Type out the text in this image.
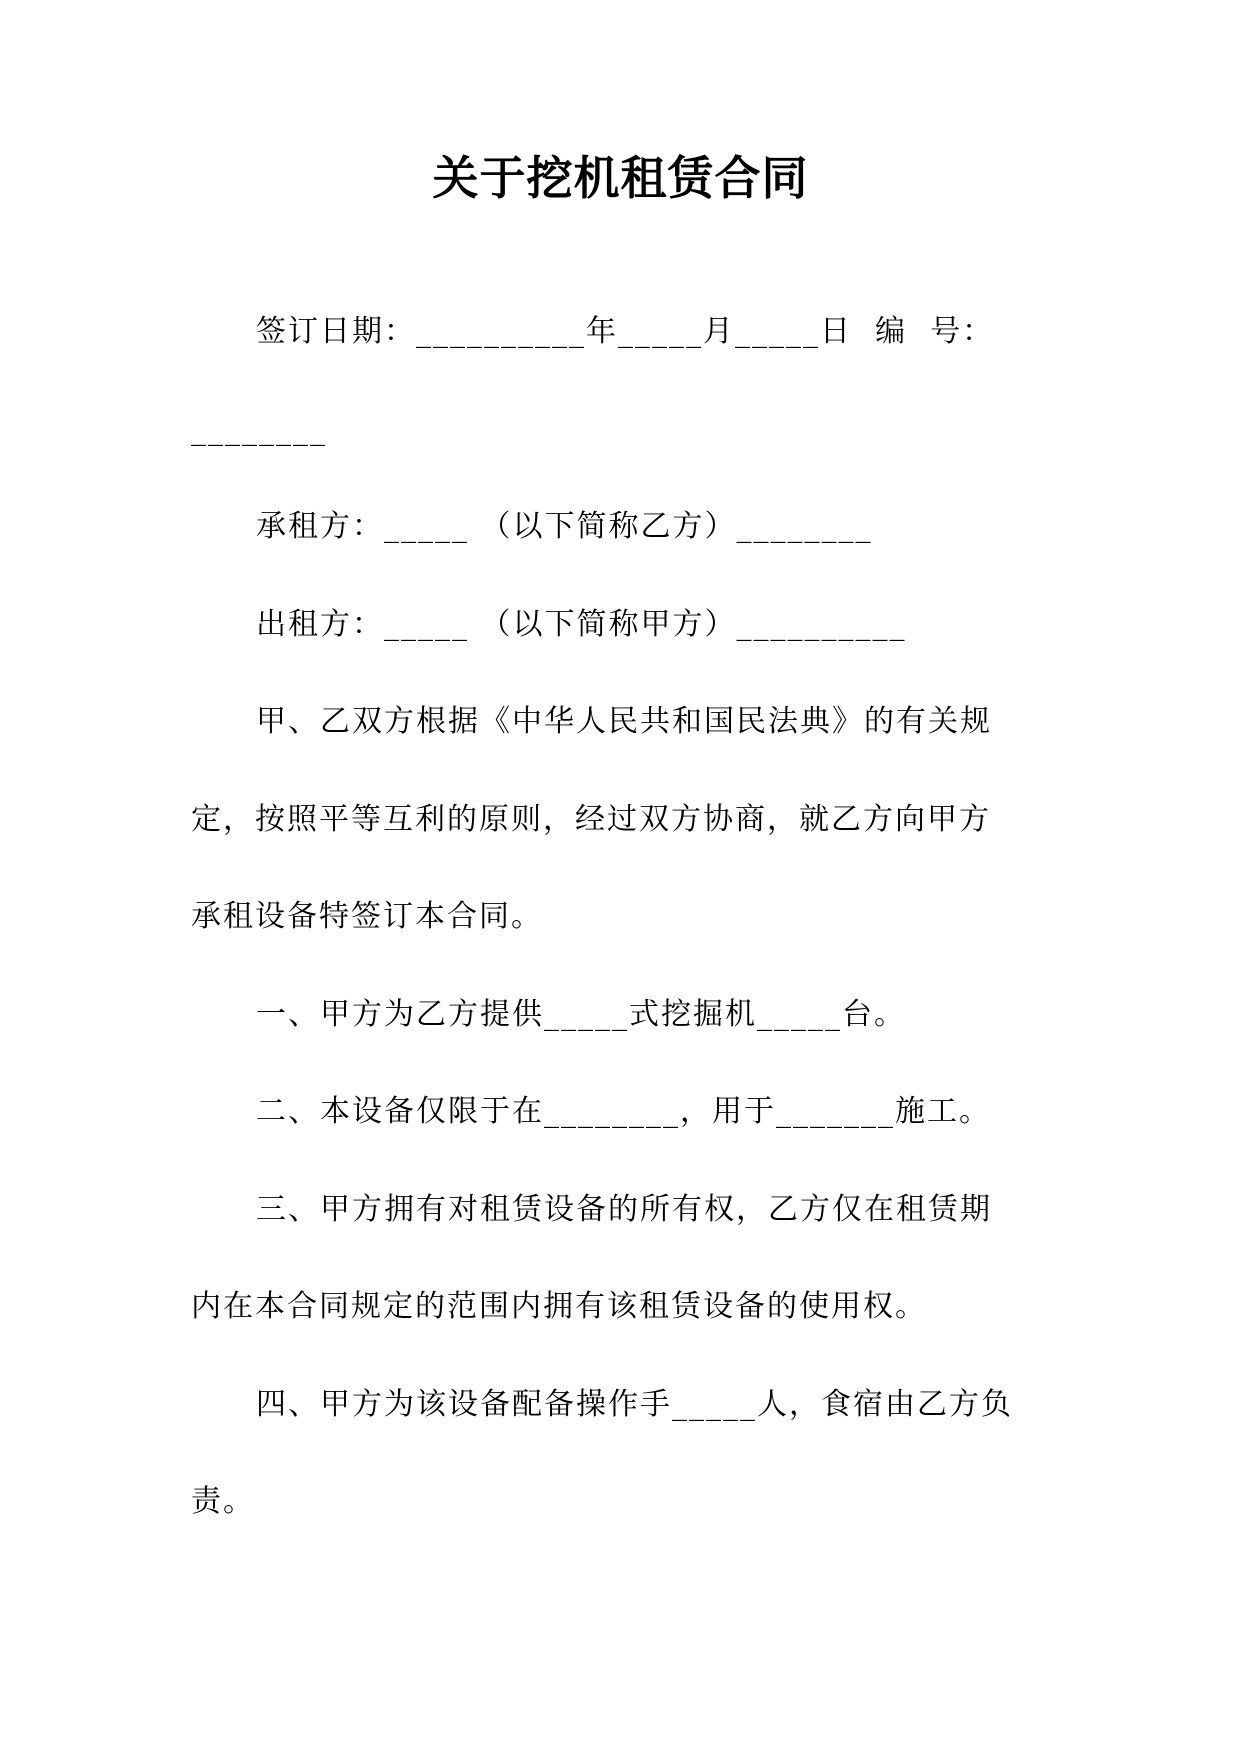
关于挖机租赁合同
签订日期：__________年_____月_____日  编  号：
________
承租方：_____ （以下简称乙方）________
出租方：_____ （以下简称甲方）__________
甲、乙双方根据《中华人民共和国民法典》的有关规
定，按照平等互利的原则，经过双方协商，就乙方向甲方
承租设备特签订本合同。
一、甲方为乙方提供_____式挖掘机_____台。
二、本设备仅限于在________，用于_______施工。
三、甲方拥有对租赁设备的所有权，乙方仅在租赁期
内在本合同规定的范围内拥有该租赁设备的使用权。
四、甲方为该设备配备操作手_____人，食宿由乙方负
责。
